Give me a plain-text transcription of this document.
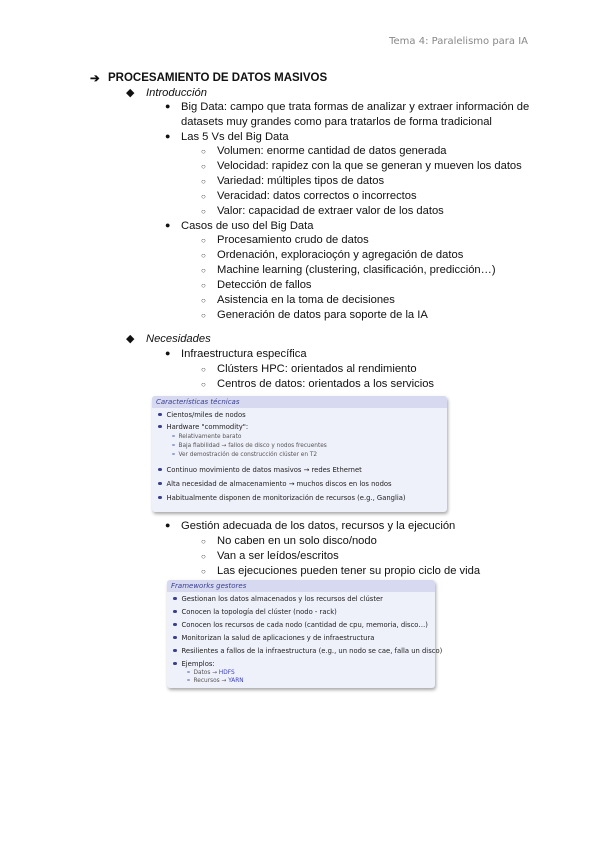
Tema 4: Paralelismo para IA
➔ PROCESAMIENTO DE DATOS MASIVOS
◆ Introducción
● Big Data: campo que trata formas de analizar y extraer información de
datasets muy grandes como para tratarlos de forma tradicional
● Las 5 Vs del Big Data
○ Volumen: enorme cantidad de datos generada
○ Velocidad: rapidez con la que se generan y mueven los datos
○ Variedad: múltiples tipos de datos
○ Veracidad: datos correctos o incorrectos
○ Valor: capacidad de extraer valor de los datos
● Casos de uso del Big Data
○ Procesamiento crudo de datos
○ Ordenación, exploracioçón y agregación de datos
○ Machine learning (clustering, clasificación, predicción…)
○ Detección de fallos
○ Asistencia en la toma de decisiones
○ Generación de datos para soporte de la IA
◆ Necesidades
● Infraestructura específica
○ Clústers HPC: orientados al rendimiento
○ Centros de datos: orientados a los servicios
Características técnicas
Cientos/miles de nodos
Hardware "commodity":
Relativamente barato
Baja fiabilidad → fallos de disco y nodos frecuentes
Ver demostración de construcción clúster en T2
Continuo movimiento de datos masivos → redes Ethernet
Alta necesidad de almacenamiento → muchos discos en los nodos
Habitualmente disponen de monitorización de recursos (e.g., Ganglia)
● Gestión adecuada de los datos, recursos y la ejecución
○ No caben en un solo disco/nodo
○ Van a ser leídos/escritos
○ Las ejecuciones pueden tener su propio ciclo de vida
Frameworks gestores
Gestionan los datos almacenados y los recursos del clúster
Conocen la topología del clúster (nodo - rack)
Conocen los recursos de cada nodo (cantidad de cpu, memoria, disco…)
Monitorizan la salud de aplicaciones y de infraestructura
Resilientes a fallos de la infraestructura (e.g., un nodo se cae, falla un disco)
Ejemplos:
Datos → HDFS
Recursos → YARN
